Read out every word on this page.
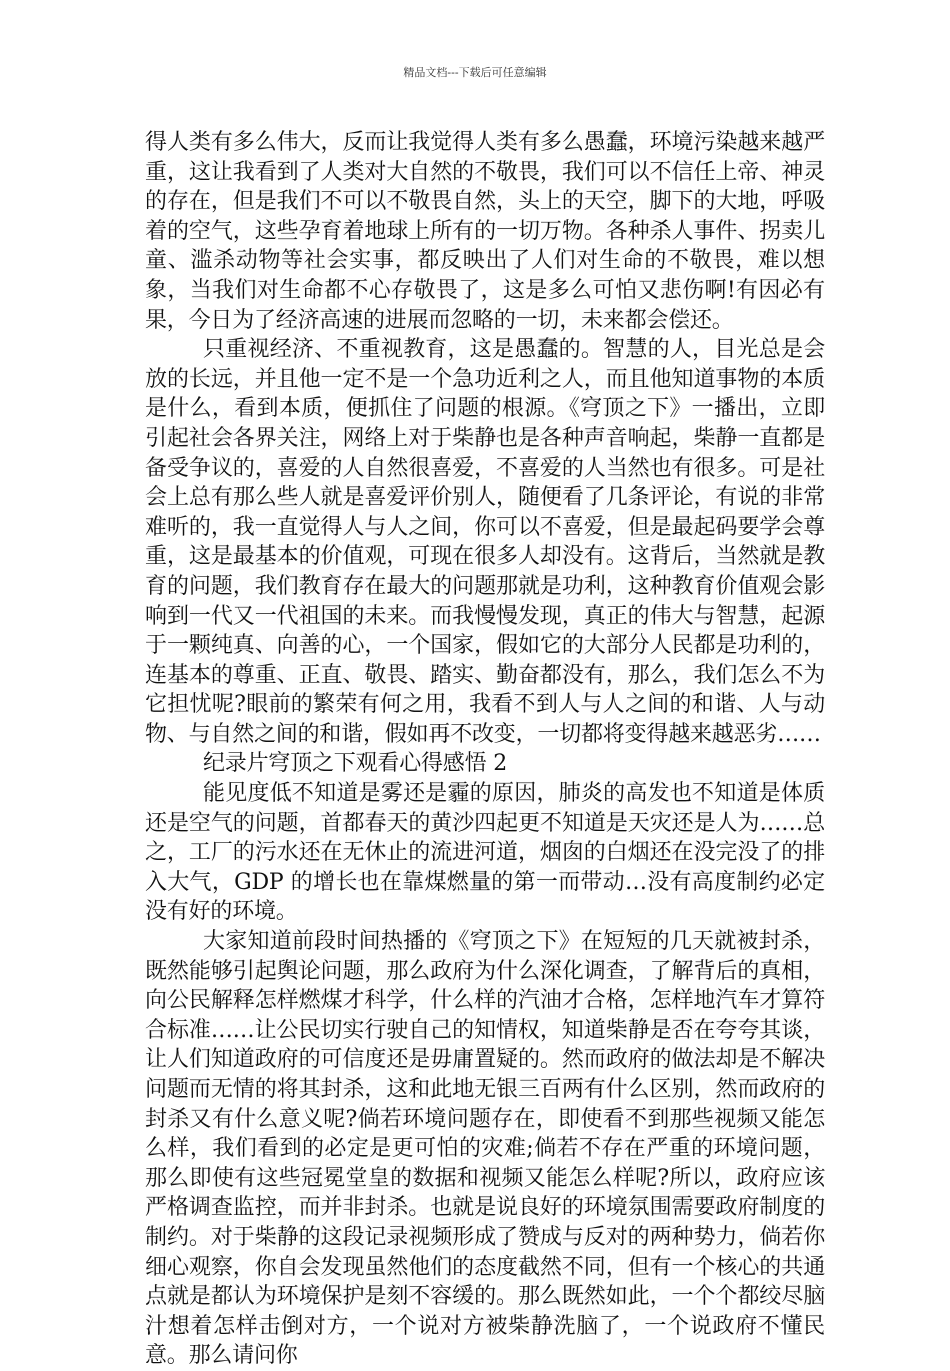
精品文档---下载后可任意编辑

得人类有多么伟大，反而让我觉得人类有多么愚蠢，环境污染越来越严重，这让我看到了人类对大自然的不敬畏，我们可以不信任上帝、神灵的存在，但是我们不可以不敬畏自然，头上的天空，脚下的大地，呼吸着的空气，这些孕育着地球上所有的一切万物。各种杀人事件、拐卖儿童、滥杀动物等社会实事，都反映出了人们对生命的不敬畏，难以想象，当我们对生命都不心存敬畏了，这是多么可怕又悲伤啊!有因必有果，今日为了经济高速的进展而忽略的一切，未来都会偿还。

只重视经济、不重视教育，这是愚蠢的。智慧的人，目光总是会放的长远，并且他一定不是一个急功近利之人，而且他知道事物的本质是什么，看到本质，便抓住了问题的根源。《穹顶之下》一播出，立即引起社会各界关注，网络上对于柴静也是各种声音响起，柴静一直都是备受争议的，喜爱的人自然很喜爱，不喜爱的人当然也有很多。可是社会上总有那么些人就是喜爱评价别人，随便看了几条评论，有说的非常难听的，我一直觉得人与人之间，你可以不喜爱，但是最起码要学会尊重，这是最基本的价值观，可现在很多人却没有。这背后，当然就是教育的问题，我们教育存在最大的问题那就是功利，这种教育价值观会影响到一代又一代祖国的未来。而我慢慢发现，真正的伟大与智慧，起源于一颗纯真、向善的心，一个国家，假如它的大部分人民都是功利的，连基本的尊重、正直、敬畏、踏实、勤奋都没有，那么，我们怎么不为它担忧呢?眼前的繁荣有何之用，我看不到人与人之间的和谐、人与动物、与自然之间的和谐，假如再不改变，一切都将变得越来越恶劣……

纪录片穹顶之下观看心得感悟 2

能见度低不知道是雾还是霾的原因，肺炎的高发也不知道是体质还是空气的问题，首都春天的黄沙四起更不知道是天灾还是人为……总之，工厂的污水还在无休止的流进河道，烟囱的白烟还在没完没了的排入大气，GDP 的增长也在靠煤燃量的第一而带动…没有高度制约必定没有好的环境。

大家知道前段时间热播的《穹顶之下》在短短的几天就被封杀，既然能够引起舆论问题，那么政府为什么深化调查，了解背后的真相，向公民解释怎样燃煤才科学，什么样的汽油才合格，怎样地汽车才算符合标准……让公民切实行驶自己的知情权，知道柴静是否在夸夸其谈，让人们知道政府的可信度还是毋庸置疑的。然而政府的做法却是不解决问题而无情的将其封杀，这和此地无银三百两有什么区别，然而政府的封杀又有什么意义呢?倘若环境问题存在，即使看不到那些视频又能怎么样，我们看到的必定是更可怕的灾难;倘若不存在严重的环境问题，那么即使有这些冠冕堂皇的数据和视频又能怎么样呢?所以，政府应该严格调查监控，而并非封杀。也就是说良好的环境氛围需要政府制度的制约。对于柴静的这段记录视频形成了赞成与反对的两种势力，倘若你细心观察，你自会发现虽然他们的态度截然不同，但有一个核心的共通点就是都认为环境保护是刻不容缓的。那么既然如此，一个个都绞尽脑汁想着怎样击倒对方，一个说对方被柴静洗脑了，一个说政府不懂民意。那么请问你
